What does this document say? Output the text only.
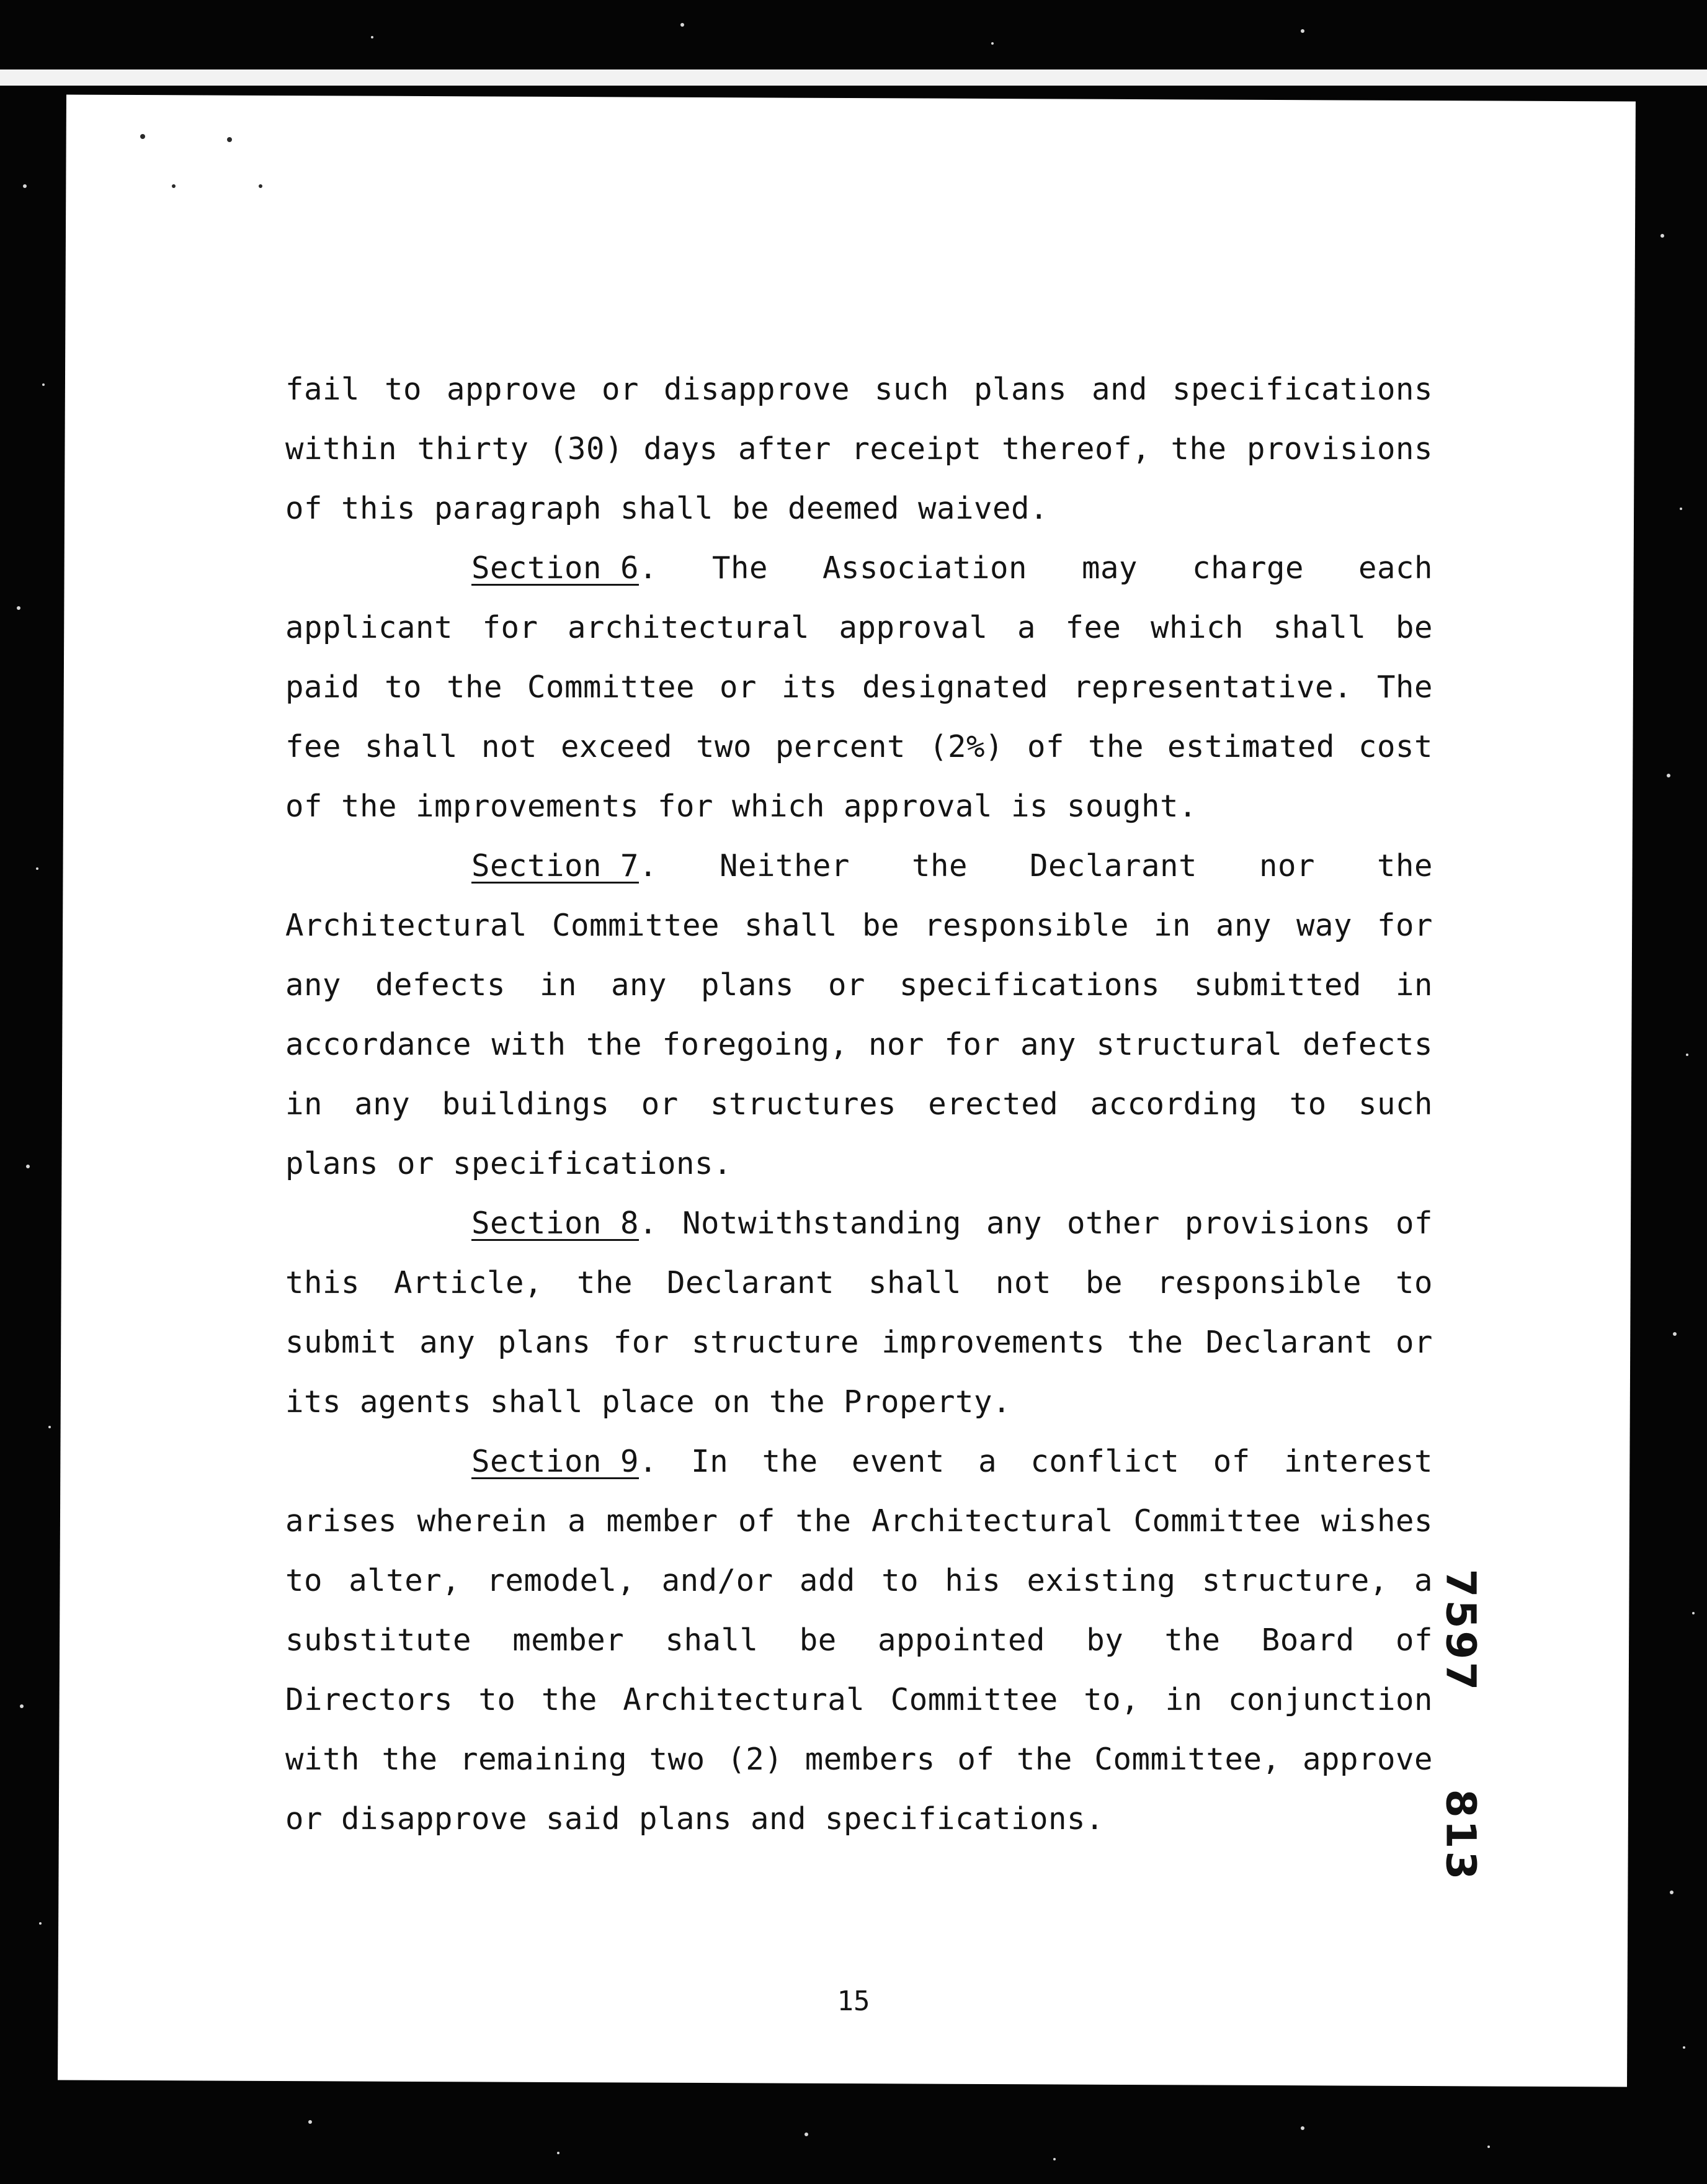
fail to approve or disapprove such plans and specifications within thirty (30) days after receipt thereof, the provisions of this paragraph shall be deemed waived.

Section 6. The Association may charge each applicant for architectural approval a fee which shall be paid to the Committee or its designated representative. The fee shall not exceed two percent (2%) of the estimated cost of the improvements for which approval is sought.

Section 7. Neither the Declarant nor the Architectural Committee shall be responsible in any way for any defects in any plans or specifications submitted in accordance with the foregoing, nor for any structural defects in any buildings or structures erected according to such plans or specifications.

Section 8. Notwithstanding any other provisions of this Article, the Declarant shall not be responsible to submit any plans for structure improvements the Declarant or its agents shall place on the Property.

Section 9. In the event a conflict of interest arises wherein a member of the Architectural Committee wishes to alter, remodel, and/or add to his existing structure, a substitute member shall be appointed by the Board of Directors to the Architectural Committee to, in conjunction with the remaining two (2) members of the Committee, approve or disapprove said plans and specifications.

7597
813
15
